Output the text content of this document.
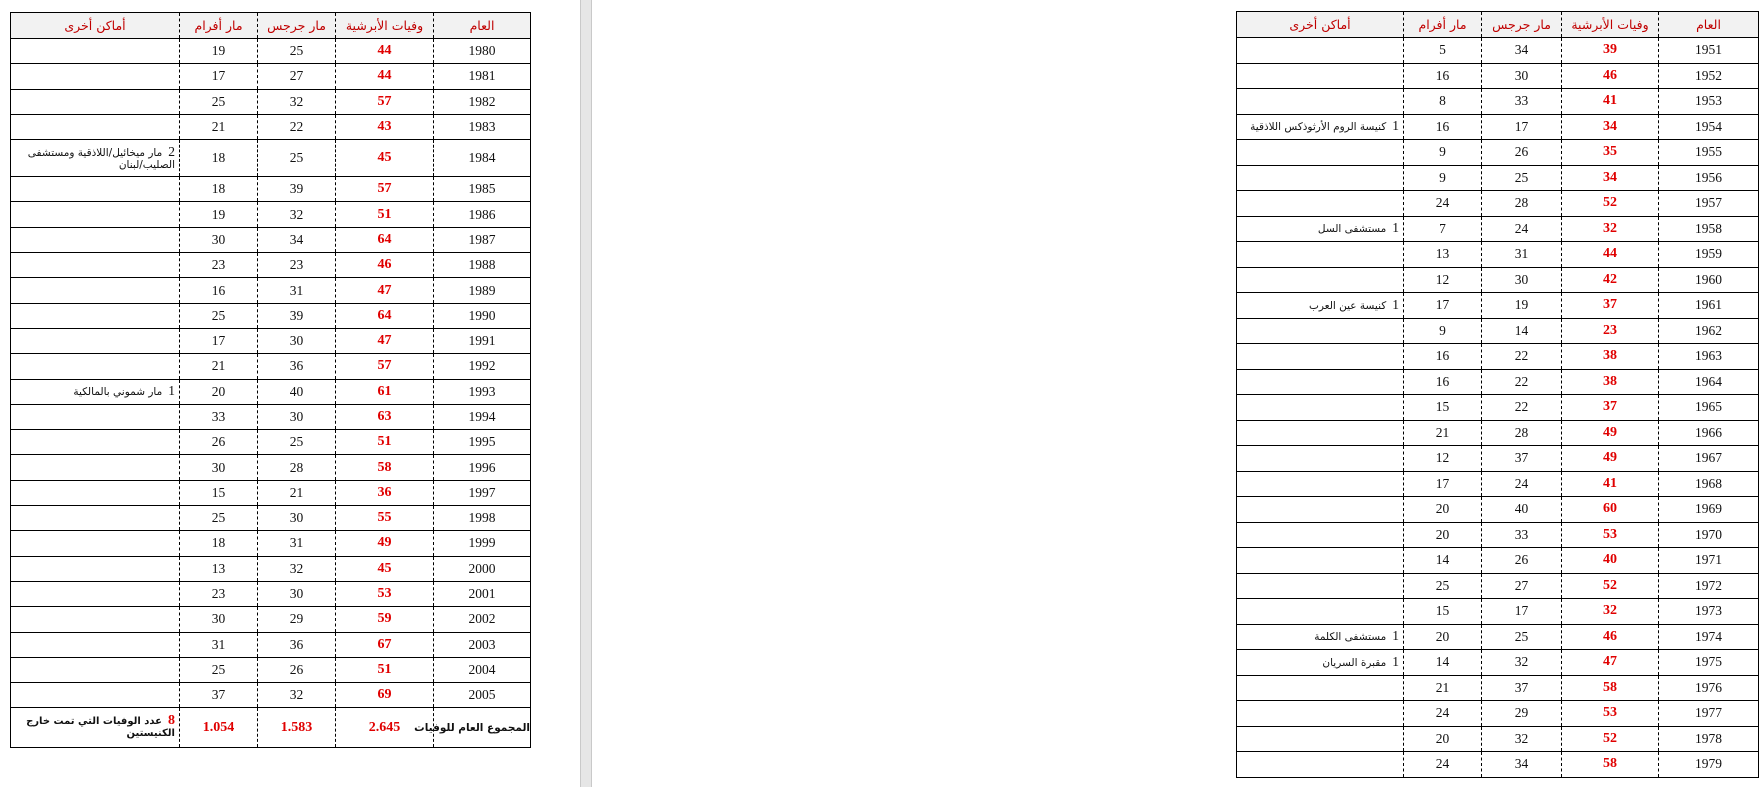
العام	وفيات الأبرشية	مار جرجس	مار أفرام	أماكن أخرى
1980	44	25	19	
1981	44	27	17	
1982	57	32	25	
1983	43	22	21	
1984	45	25	18	2مار ميخائيل/اللاذقية ومستشفى الصليب/لبنان
1985	57	39	18	
1986	51	32	19	
1987	64	34	30	
1988	46	23	23	
1989	47	31	16	
1990	64	39	25	
1991	47	30	17	
1992	57	36	21	
1993	61	40	20	1مار شموني بالمالكية
1994	63	30	33	
1995	51	25	26	
1996	58	28	30	
1997	36	21	15	
1998	55	30	25	
1999	49	31	18	
2000	45	32	13	
2001	53	30	23	
2002	59	29	30	
2003	67	36	31	
2004	51	26	25	
2005	69	32	37	
المجموع العام للوفيات	2.645	1.583	1.054	8عدد الوفيات التي تمت خارج الكنيستين
العام	وفيات الأبرشية	مار جرجس	مار أفرام	أماكن أخرى
1951	39	34	5	
1952	46	30	16	
1953	41	33	8	
1954	34	17	16	1كنيسة الروم الأرثوذكس اللاذقية
1955	35	26	9	
1956	34	25	9	
1957	52	28	24	
1958	32	24	7	1مستشفى السل
1959	44	31	13	
1960	42	30	12	
1961	37	19	17	1كنيسة عين العرب
1962	23	14	9	
1963	38	22	16	
1964	38	22	16	
1965	37	22	15	
1966	49	28	21	
1967	49	37	12	
1968	41	24	17	
1969	60	40	20	
1970	53	33	20	
1971	40	26	14	
1972	52	27	25	
1973	32	17	15	
1974	46	25	20	1مستشفى الكلمة
1975	47	32	14	1مقبرة السريان
1976	58	37	21	
1977	53	29	24	
1978	52	32	20	
1979	58	34	24	
